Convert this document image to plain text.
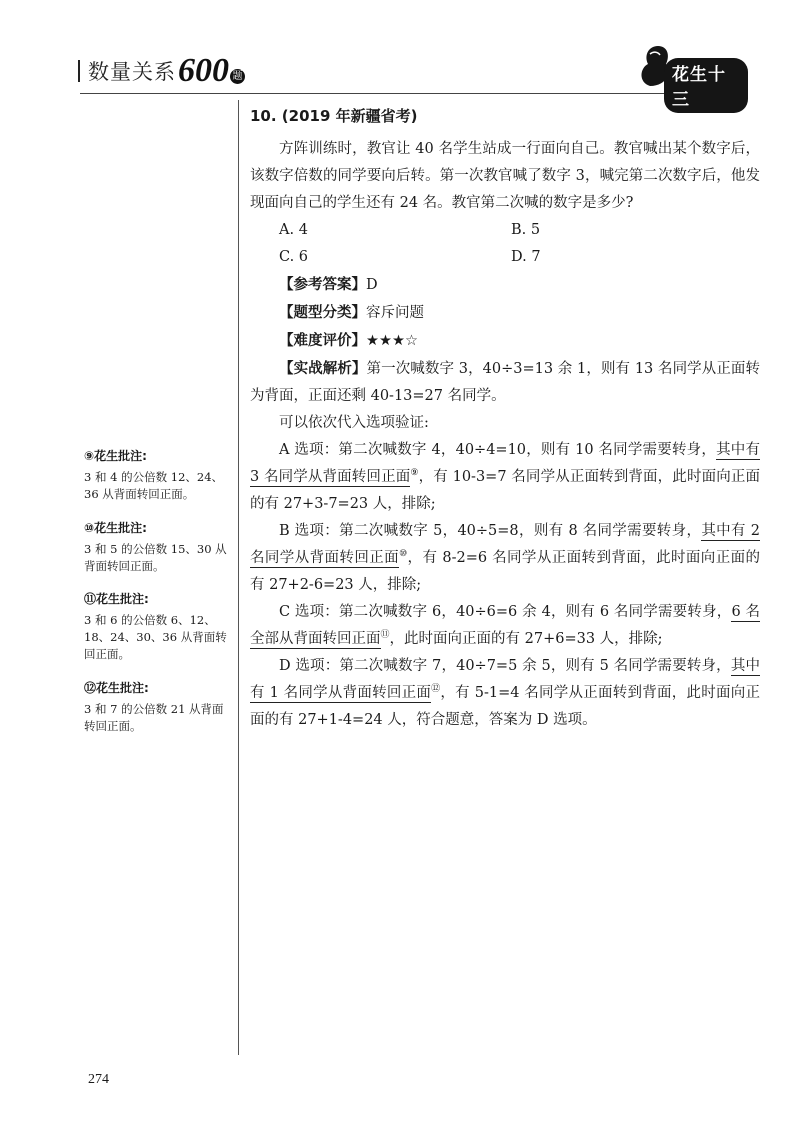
数量关系 600 题	花生十三

10. (2019 年新疆省考)

方阵训练时，教官让 40 名学生站成一行面向自己。教官喊出某个数字后，该数字倍数的同学要向后转。第一次教官喊了数字 3，喊完第二次数字后，他发现面向自己的学生还有 24 名。教官第二次喊的数字是多少?

A. 4	B. 5
C. 6	D. 7

【参考答案】D

【题型分类】容斥问题

【难度评价】★★★☆

【实战解析】第一次喊数字 3，40÷3=13 余 1，则有 13 名同学从正面转为背面，正面还剩 40-13=27 名同学。

可以依次代入选项验证:

A 选项：第二次喊数字 4，40÷4=10，则有 10 名同学需要转身，其中有 3 名同学从背面转回正面⑨，有 10-3=7 名同学从正面转到背面，此时面向正面的有 27+3-7=23 人，排除;

B 选项：第二次喊数字 5，40÷5=8，则有 8 名同学需要转身，其中有 2 名同学从背面转回正面⑩，有 8-2=6 名同学从正面转到背面，此时面向正面的有 27+2-6=23 人，排除;

C 选项：第二次喊数字 6，40÷6=6 余 4，则有 6 名同学需要转身，6 名全部从背面转回正面⑪，此时面向正面的有 27+6=33 人，排除;

D 选项：第二次喊数字 7，40÷7=5 余 5，则有 5 名同学需要转身，其中有 1 名同学从背面转回正面⑫，有 5-1=4 名同学从正面转到背面，此时面向正面的有 27+1-4=24 人，符合题意，答案为 D 选项。

⑨花生批注:

3 和 4 的公倍数 12、24、36 从背面转回正面。

⑩花生批注:

3 和 5 的公倍数 15、30 从背面转回正面。

⑪花生批注:

3 和 6 的公倍数 6、12、18、24、30、36 从背面转回正面。

⑫花生批注:

3 和 7 的公倍数 21 从背面转回正面。

274
